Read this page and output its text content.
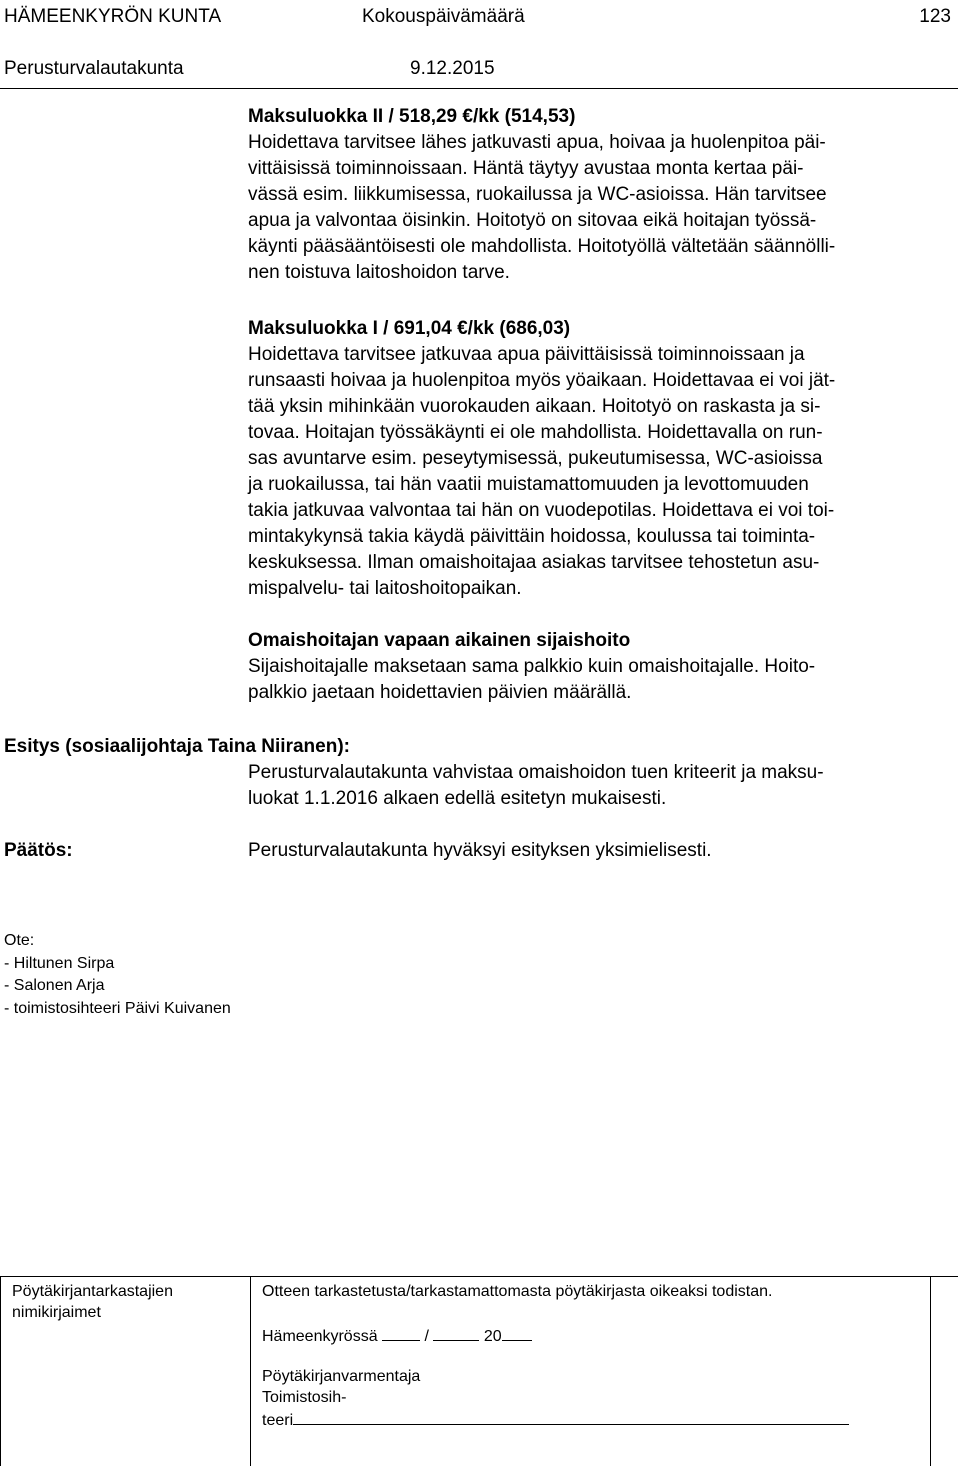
HÄMEENKYRÖN KUNTA	Kokouspäivämäärä	123
Perusturvalautakunta	9.12.2015

Maksuluokka II / 518,29 €/kk (514,53)

Hoidettava tarvitsee lähes jatkuvasti apua, hoivaa ja huolenpitoa päi-

vittäisissä toiminnoissaan. Häntä täytyy avustaa monta kertaa päi-

vässä esim. liikkumisessa, ruokailussa ja WC-asioissa. Hän tarvitsee

apua ja valvontaa öisinkin. Hoitotyö on sitovaa eikä hoitajan työssä-

käynti pääsääntöisesti ole mahdollista. Hoitotyöllä vältetään säännölli-

nen toistuva laitoshoidon tarve.

Maksuluokka I / 691,04 €/kk (686,03)

Hoidettava tarvitsee jatkuvaa apua päivittäisissä toiminnoissaan ja

runsaasti hoivaa ja huolenpitoa myös yöaikaan. Hoidettavaa ei voi jät-

tää yksin mihinkään vuorokauden aikaan. Hoitotyö on raskasta ja si-

tovaa. Hoitajan työssäkäynti ei ole mahdollista. Hoidettavalla on run-

sas avuntarve esim. peseytymisessä, pukeutumisessa, WC-asioissa

ja ruokailussa, tai hän vaatii muistamattomuuden ja levottomuuden

takia jatkuvaa valvontaa tai hän on vuodepotilas. Hoidettava ei voi toi-

mintakykynsä takia käydä päivittäin hoidossa, koulussa tai toiminta-

keskuksessa. Ilman omaishoitajaa asiakas tarvitsee tehostetun asu-

mispalvelu- tai laitoshoitopaikan.

Omaishoitajan vapaan aikainen sijaishoito

Sijaishoitajalle maksetaan sama palkkio kuin omaishoitajalle. Hoito-

palkkio jaetaan hoidettavien päivien määrällä.

Esitys (sosiaalijohtaja Taina Niiranen):

Perusturvalautakunta vahvistaa omaishoidon tuen kriteerit ja maksu-

luokat 1.1.2016 alkaen edellä esitetyn mukaisesti.

Päätös:	Perusturvalautakunta hyväksyi esityksen yksimielisesti.

Ote:

- Hiltunen Sirpa

- Salonen Arja

- toimistosihteeri Päivi Kuivanen

Pöytäkirjantarkastajien
nimikirjaimet
Otteen tarkastetusta/tarkastamattomasta pöytäkirjasta oikeaksi todistan.
Hämeenkyrössä	/	20
Pöytäkirjanvarmentaja
Toimistosih-
teeri
